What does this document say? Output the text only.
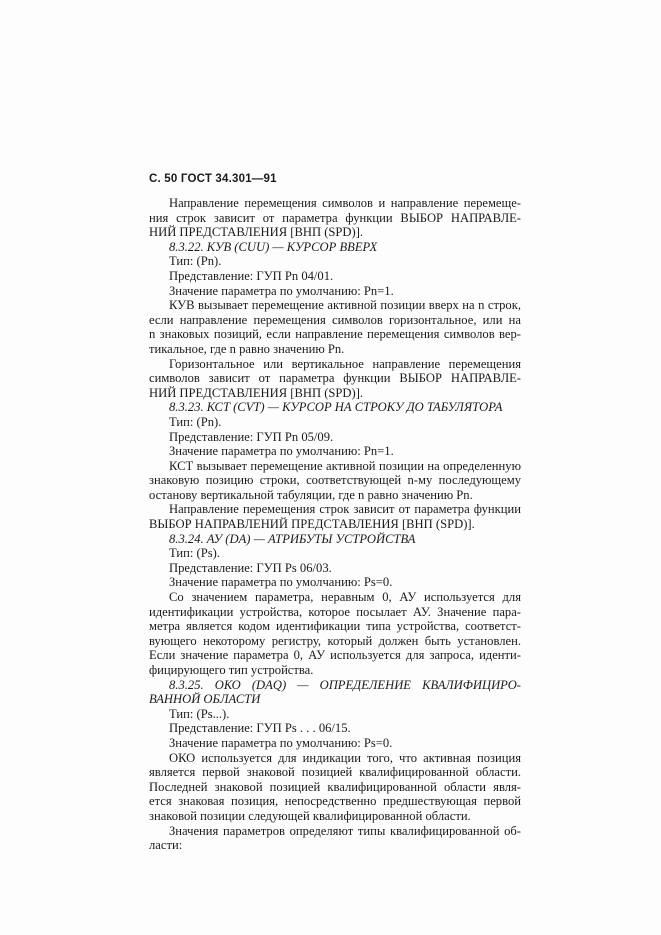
С. 50 ГОСТ 34.301—91
Направление перемещения символов и направление перемеще-
ния строк зависит от параметра функции ВЫБОР НАПРАВЛЕ-
НИЙ ПРЕДСТАВЛЕНИЯ [ВНП (SPD)].
8.3.22. КУВ (CUU) — КУРСОР ВВЕРХ
Тип: (Pn).
Представление: ГУП Pn 04/01.
Значение параметра по умолчанию: Pn=1.
КУВ вызывает перемещение активной позиции вверх на n строк,
если направление перемещения символов горизонтальное, или на
n знаковых позиций, если направление перемещения символов вер-
тикальное, где n равно значению Pn.
Горизонтальное или вертикальное направление перемещения
символов зависит от параметра функции ВЫБОР НАПРАВЛЕ-
НИЙ ПРЕДСТАВЛЕНИЯ [ВНП (SPD)].
8.3.23. КСТ (CVT) — КУРСОР НА СТРОКУ ДО ТАБУЛЯТОРА
Тип: (Pn).
Представление: ГУП Pn 05/09.
Значение параметра по умолчанию: Pn=1.
КСТ вызывает перемещение активной позиции на определенную
знаковую позицию строки, соответствующей n-му последующему
останову вертикальной табуляции, где n равно значению Pn.
Направление перемещения строк зависит от параметра функции
ВЫБОР НАПРАВЛЕНИЙ ПРЕДСТАВЛЕНИЯ [ВНП (SPD)].
8.3.24. АУ (DA) — АТРИБУТЫ УСТРОЙСТВА
Тип: (Ps).
Представление: ГУП Ps 06/03.
Значение параметра по умолчанию: Ps=0.
Со значением параметра, неравным 0, АУ используется для
идентификации устройства, которое посылает АУ. Значение пара-
метра является кодом идентификации типа устройства, соответст-
вующего некоторому регистру, который должен быть установлен.
Если значение параметра 0, АУ используется для запроса, иденти-
фицирующего тип устройства.
8.3.25. ОКО (DAQ) — ОПРЕДЕЛЕНИЕ КВАЛИФИЦИРО-
ВАННОЙ ОБЛАСТИ
Тип: (Ps...).
Представление: ГУП Ps . . . 06/15.
Значение параметра по умолчанию: Ps=0.
ОКО используется для индикации того, что активная позиция
является первой знаковой позицией квалифицированной области.
Последней знаковой позицией квалифицированной области явля-
ется знаковая позиция, непосредственно предшествующая первой
знаковой позиции следующей квалифицированной области.
Значения параметров определяют типы квалифицированной об-
ласти:
